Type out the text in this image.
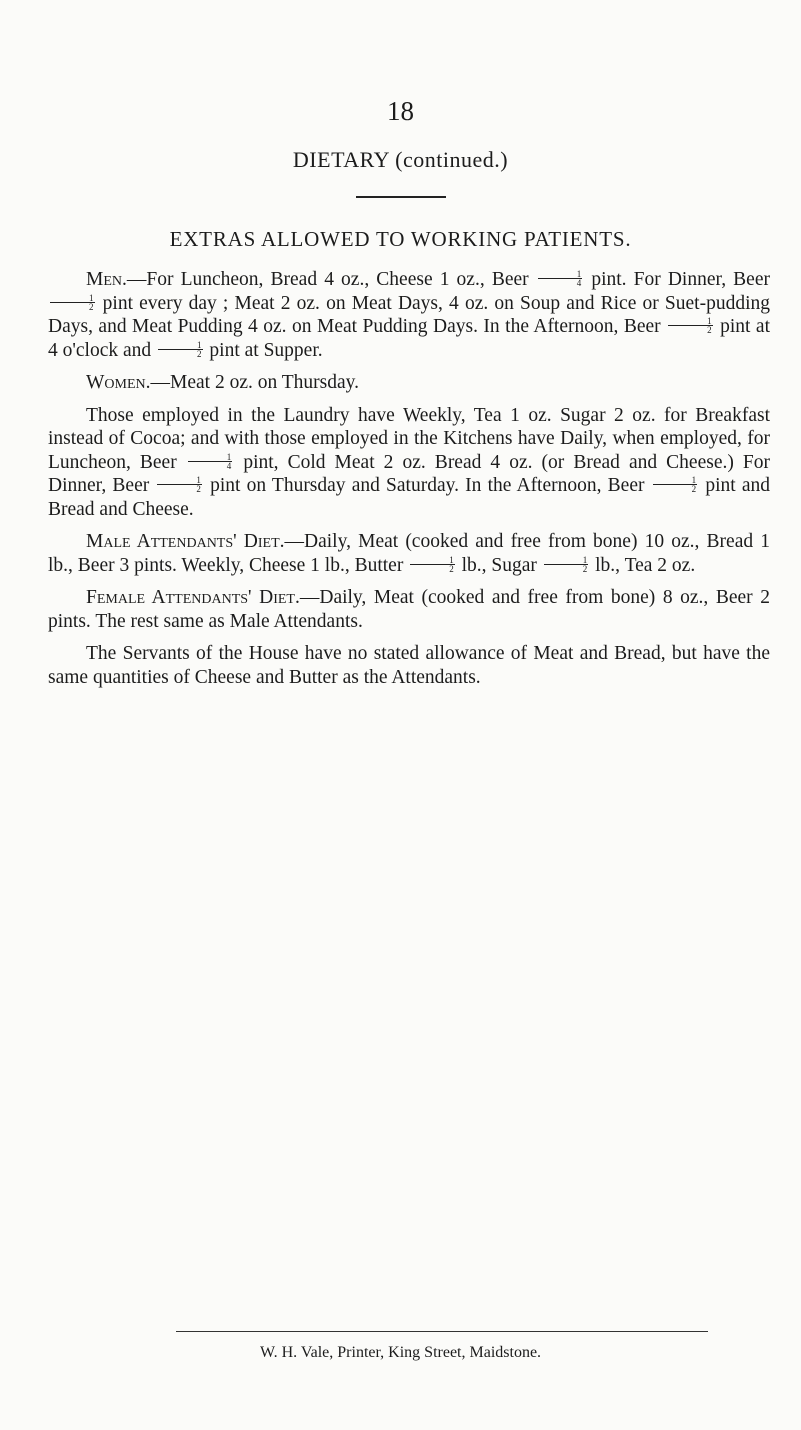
18
DIETARY (continued.)
EXTRAS ALLOWED TO WORKING PATIENTS.

Men.—For Luncheon, Bread 4 oz., Cheese 1 oz., Beer $\frac{1}{4}$ pint. For Dinner, Beer
$\frac{1}{2}$ pint every day ; Meat 2 oz. on Meat Days, 4 oz. on Soup and Rice or Suet-pudding Days, and Meat Pudding 4 oz. on Meat Pudding Days. In the Afternoon, Beer $\frac{1}{2}$ pint at 4 o'clock and $\frac{1}{2}$ pint at Supper.

Women.—Meat 2 oz. on Thursday.

Those employed in the Laundry have Weekly, Tea 1 oz. Sugar 2 oz. for Breakfast instead of Cocoa; and with those employed in the Kitchens have Daily, when employed, for Luncheon, Beer $\frac{1}{4}$ pint, Cold Meat 2 oz. Bread 4 oz. (or Bread and Cheese.) For Dinner, Beer $\frac{1}{2}$ pint on Thursday and Saturday. In the Afternoon, Beer $\frac{1}{2}$ pint and Bread and Cheese.

Male Attendants' Diet.—Daily, Meat (cooked and free from bone) 10 oz., Bread 1 lb., Beer 3 pints. Weekly, Cheese 1 lb., Butter $\frac{1}{2}$ lb., Sugar $\frac{1}{2}$ lb., Tea 2 oz.

Female Attendants' Diet.—Daily, Meat (cooked and free from bone) 8 oz., Beer 2 pints. The rest same as Male Attendants.

The Servants of the House have no stated allowance of Meat and Bread, but have the same quantities of Cheese and Butter as the Attendants.

W. H. Vale, Printer, King Street, Maidstone.
